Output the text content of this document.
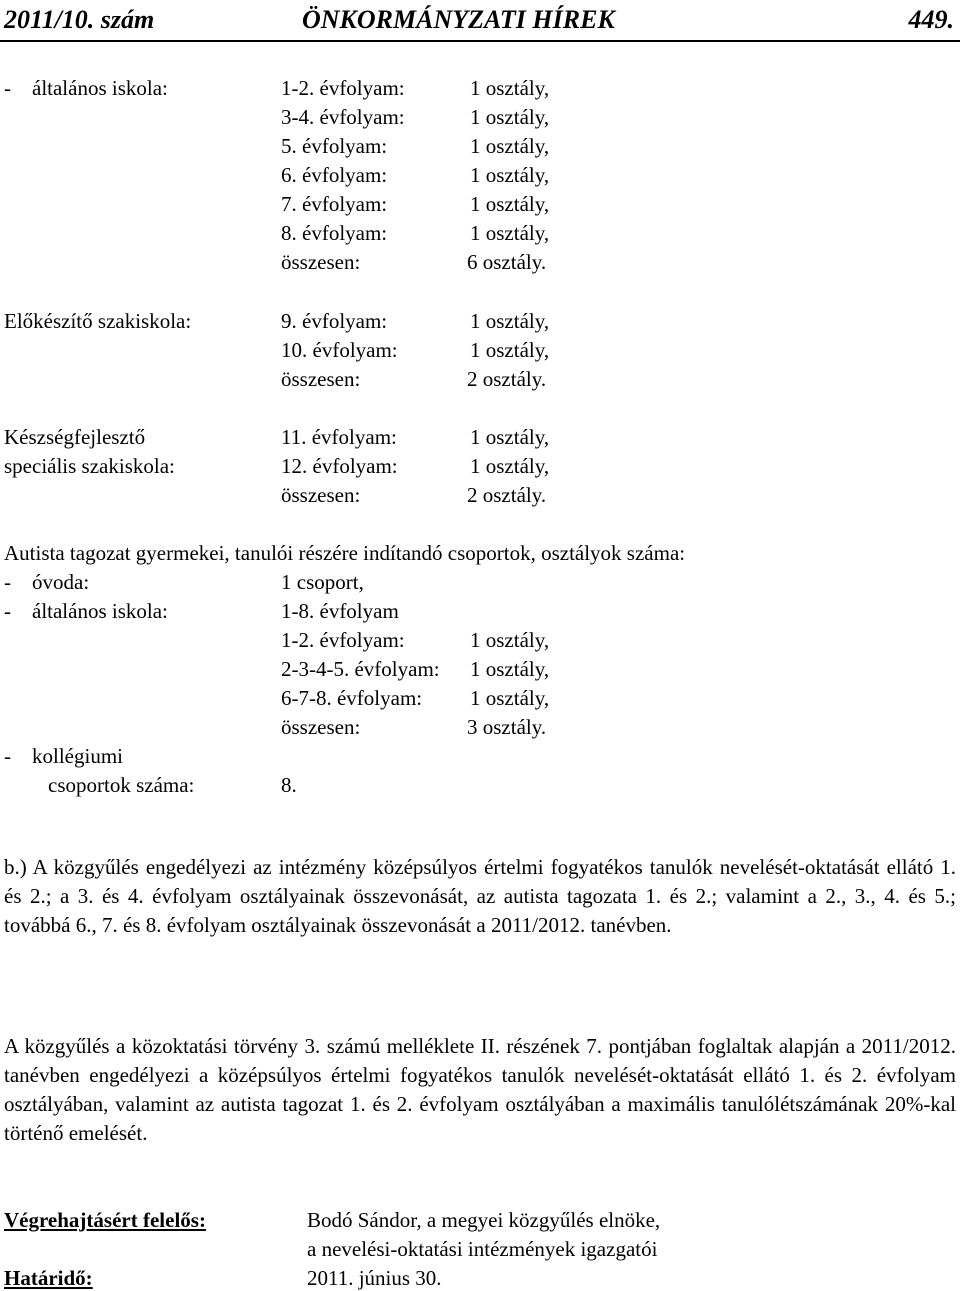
2011/10. szám	ÖNKORMÁNYZATI HÍREK	449.
-    általános iskola:	1-2. évfolyam:	1 osztály,
3-4. évfolyam:	1 osztály,
5. évfolyam:	1 osztály,
6. évfolyam:	1 osztály,
7. évfolyam:	1 osztály,
8. évfolyam:	1 osztály,
összesen:	6 osztály.
Előkészítő szakiskola:	9. évfolyam:	1 osztály,
10. évfolyam:	1 osztály,
összesen:	2 osztály.
Készségfejlesztő
speciális szakiskola:
11. évfolyam:	1 osztály,
12. évfolyam:	1 osztály,
összesen:	2 osztály.
Autista tagozat gyermekei, tanulói részére indítandó csoportok, osztályok száma:
-    óvoda:	1 csoport,
-    általános iskola:	1-8. évfolyam
1-2. évfolyam:	1 osztály,
2-3-4-5. évfolyam: 1 osztály,
6-7-8. évfolyam: 1 osztály,
összesen:	3 osztály.
-    kollégiumi
csoportok száma:	8.
b.) A közgyűlés engedélyezi az intézmény középsúlyos értelmi fogyatékos tanulók nevelését-oktatását ellátó 1. és 2.; a 3. és 4. évfolyam osztályainak összevonását, az autista tagozata 1. és 2.; valamint a 2., 3., 4. és 5.; továbbá 6., 7. és 8. évfolyam osztályainak összevonását a 2011/2012. tanévben.
A közgyűlés a közoktatási törvény 3. számú melléklete II. részének 7. pontjában foglaltak alapján a 2011/2012. tanévben engedélyezi a középsúlyos értelmi fogyatékos tanulók nevelését-oktatását ellátó 1. és 2. évfolyam osztályában, valamint az autista tagozat 1. és 2. évfolyam osztályában a maximális tanulólétszámának 20%-kal történő emelését.
Végrehajtásért felelős:	Bodó Sándor, a megyei közgyűlés elnöke,
a nevelési-oktatási intézmények igazgatói
Határidő:	2011. június 30.
